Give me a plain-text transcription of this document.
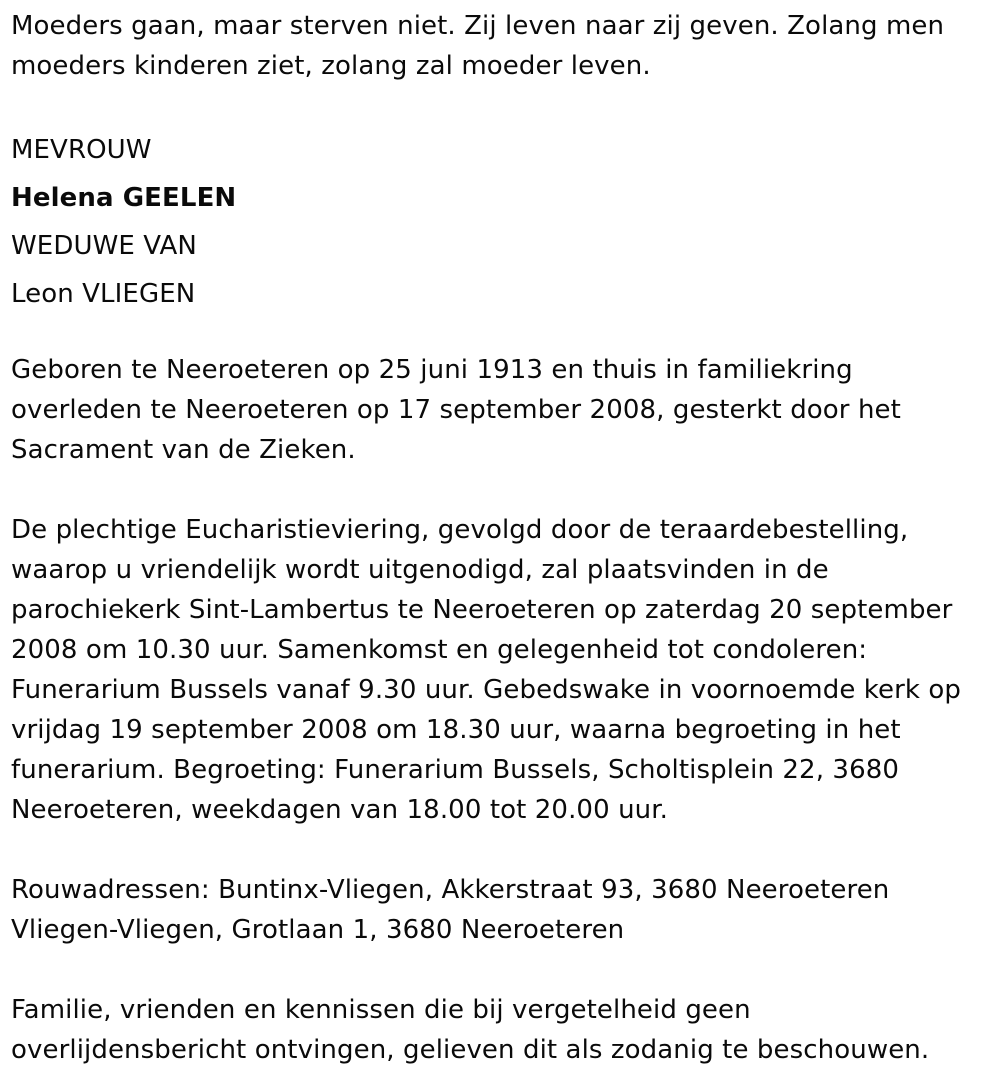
Moeders gaan, maar sterven niet. Zij leven naar zij geven. Zolang men
moeders kinderen ziet, zolang zal moeder leven.
MEVROUW
Helena GEELEN
WEDUWE VAN
Leon VLIEGEN
Geboren te Neeroeteren op 25 juni 1913 en thuis in familiekring
overleden te Neeroeteren op 17 september 2008, gesterkt door het
Sacrament van de Zieken.
De plechtige Eucharistieviering, gevolgd door de teraardebestelling,
waarop u vriendelijk wordt uitgenodigd, zal plaatsvinden in de
parochiekerk Sint-Lambertus te Neeroeteren op zaterdag 20 september
2008 om 10.30 uur. Samenkomst en gelegenheid tot condoleren:
Funerarium Bussels vanaf 9.30 uur. Gebedswake in voornoemde kerk op
vrijdag 19 september 2008 om 18.30 uur, waarna begroeting in het
funerarium. Begroeting: Funerarium Bussels, Scholtisplein 22, 3680
Neeroeteren, weekdagen van 18.00 tot 20.00 uur.
Rouwadressen: Buntinx-Vliegen, Akkerstraat 93, 3680 Neeroeteren
Vliegen-Vliegen, Grotlaan 1, 3680 Neeroeteren
Familie, vrienden en kennissen die bij vergetelheid geen
overlijdensbericht ontvingen, gelieven dit als zodanig te beschouwen.
